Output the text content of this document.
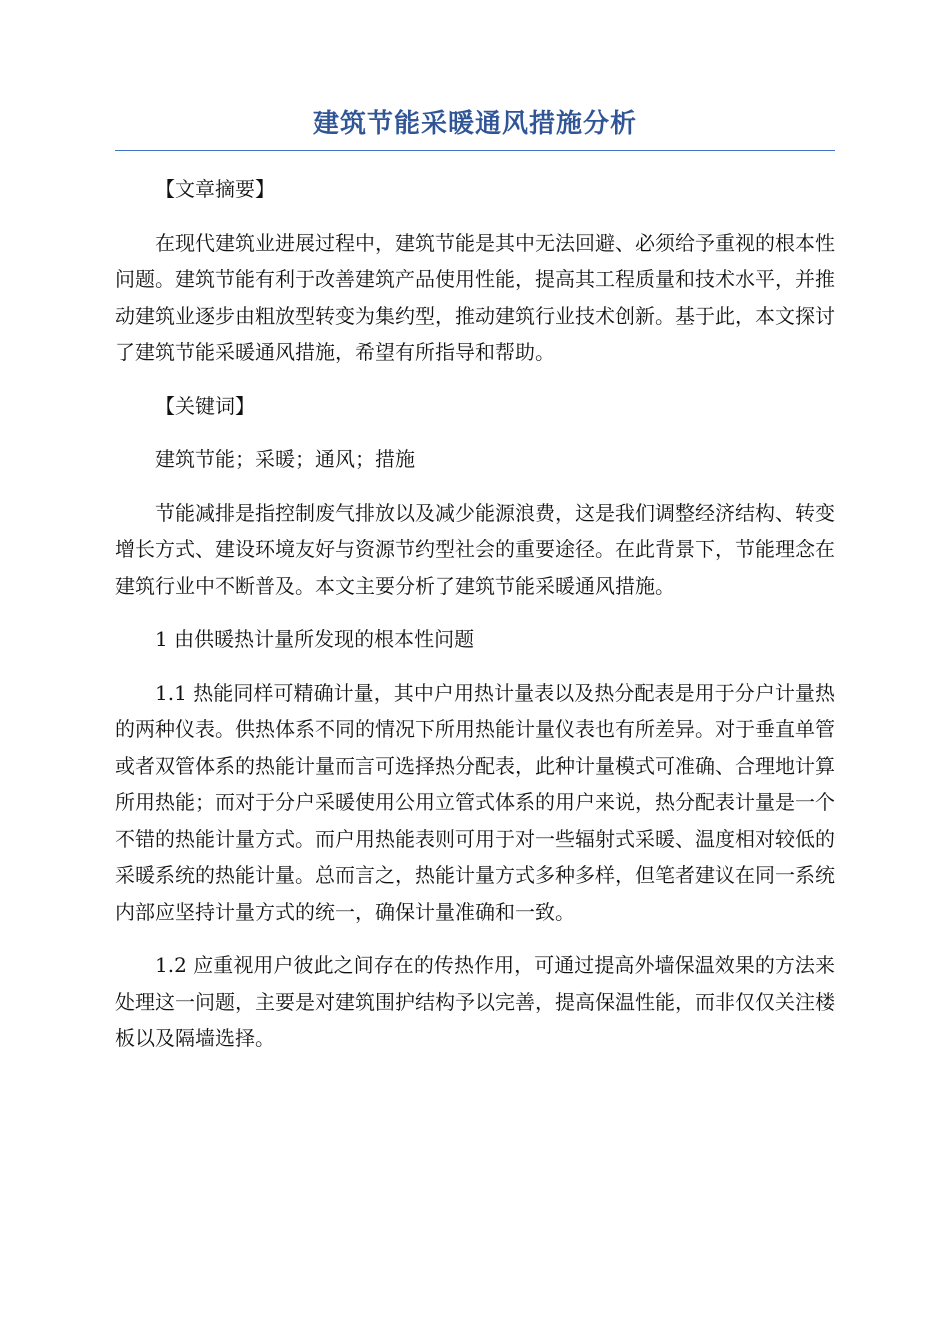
建筑节能采暖通风措施分析

【文章摘要】

在现代建筑业进展过程中，建筑节能是其中无法回避、必须给予重视的根本性问题。建筑节能有利于改善建筑产品使用性能，提高其工程质量和技术水平，并推动建筑业逐步由粗放型转变为集约型，推动建筑行业技术创新。基于此，本文探讨了建筑节能采暖通风措施，希望有所指导和帮助。

【关键词】

建筑节能；采暖；通风；措施

节能减排是指控制废气排放以及减少能源浪费，这是我们调整经济结构、转变增长方式、建设环境友好与资源节约型社会的重要途径。在此背景下，节能理念在建筑行业中不断普及。本文主要分析了建筑节能采暖通风措施。

1 由供暖热计量所发现的根本性问题

1.1 热能同样可精确计量，其中户用热计量表以及热分配表是用于分户计量热的两种仪表。供热体系不同的情况下所用热能计量仪表也有所差异。对于垂直单管或者双管体系的热能计量而言可选择热分配表，此种计量模式可准确、合理地计算所用热能；而对于分户采暖使用公用立管式体系的用户来说，热分配表计量是一个不错的热能计量方式。而户用热能表则可用于对一些辐射式采暖、温度相对较低的采暖系统的热能计量。总而言之，热能计量方式多种多样，但笔者建议在同一系统内部应坚持计量方式的统一，确保计量准确和一致。

1.2 应重视用户彼此之间存在的传热作用，可通过提高外墙保温效果的方法来处理这一问题，主要是对建筑围护结构予以完善，提高保温性能，而非仅仅关注楼板以及隔墙选择。
